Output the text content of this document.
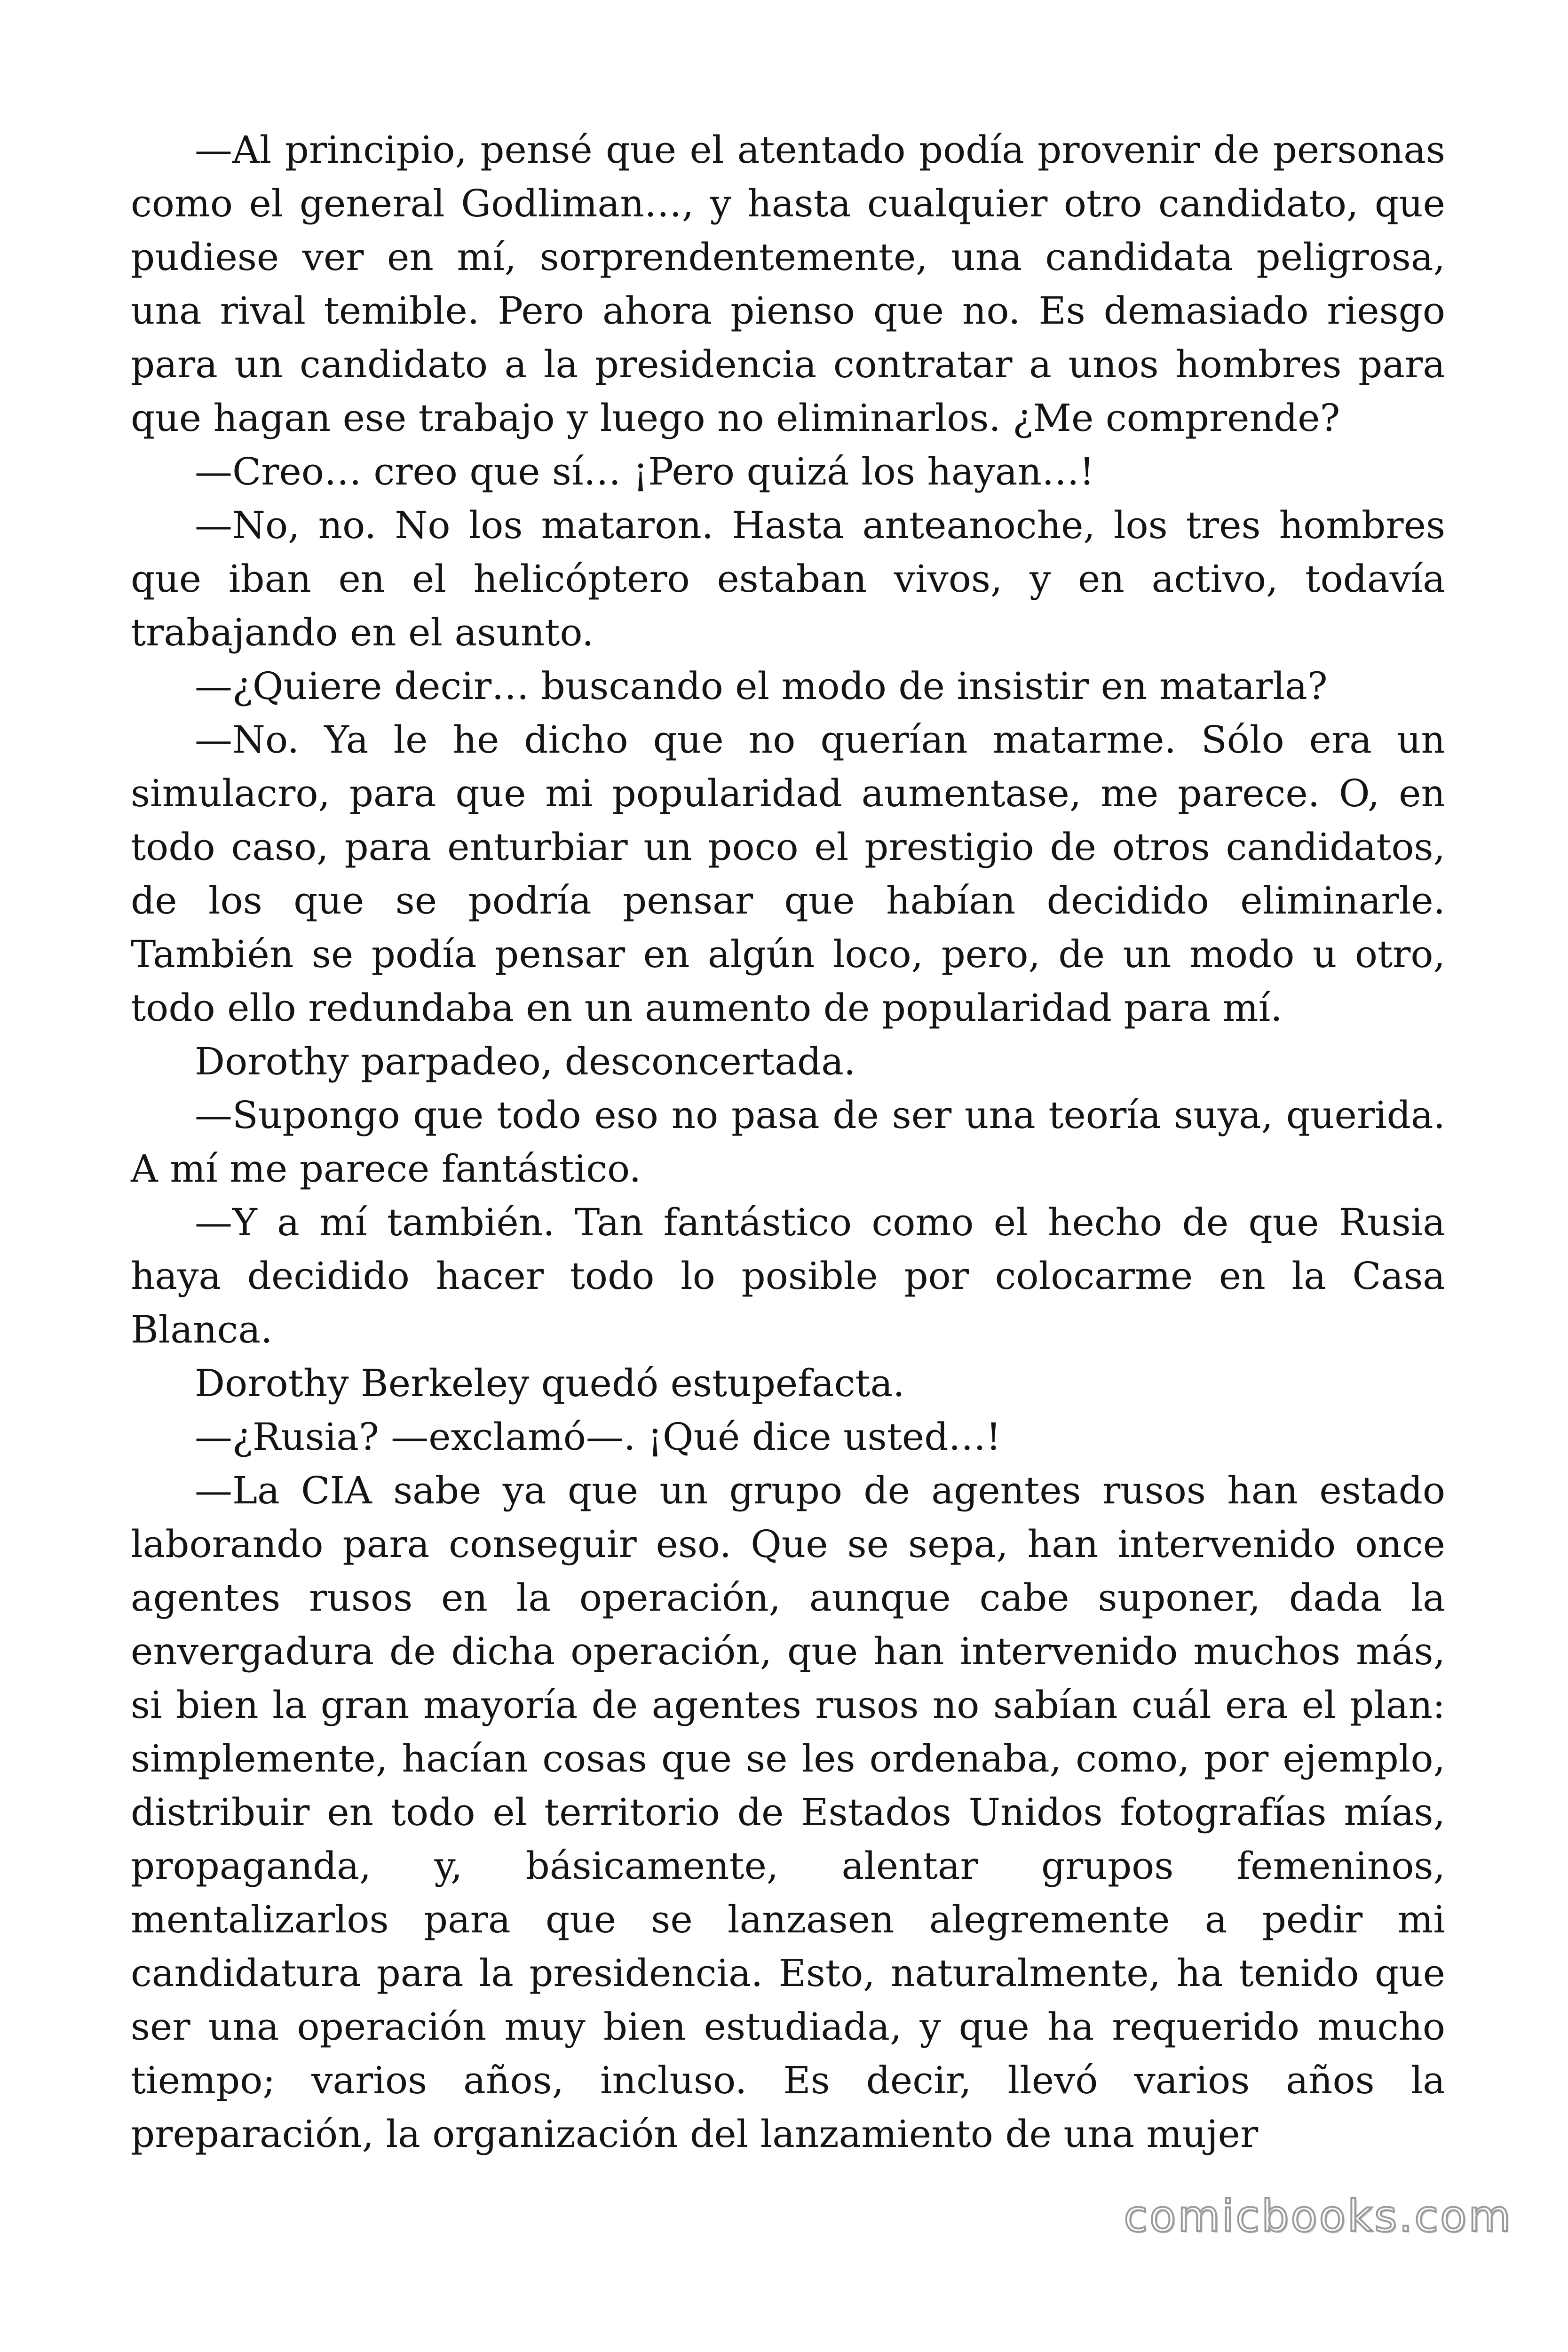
—Al principio, pensé que el atentado podía provenir de personas como el general Godliman…, y hasta cualquier otro candidato, que pudiese ver en mí, sorprendentemente, una candidata peligrosa, una rival temible. Pero ahora pienso que no. Es demasiado riesgo para un candidato a la presidencia contratar a unos hombres para que hagan ese trabajo y luego no eliminarlos. ¿Me comprende?

—Creo… creo que sí… ¡Pero quizá los hayan…!

—No, no. No los mataron. Hasta anteanoche, los tres hombres que iban en el helicóptero estaban vivos, y en activo, todavía trabajando en el asunto.

—¿Quiere decir… buscando el modo de insistir en matarla?

—No. Ya le he dicho que no querían matarme. Sólo era un simulacro, para que mi popularidad aumentase, me parece. O, en todo caso, para enturbiar un poco el prestigio de otros candidatos, de los que se podría pensar que habían decidido eliminarle. También se podía pensar en algún loco, pero, de un modo u otro, todo ello redundaba en un aumento de popularidad para mí.

Dorothy parpadeo, desconcertada.

—Supongo que todo eso no pasa de ser una teoría suya, querida. A mí me parece fantástico.

—Y a mí también. Tan fantástico como el hecho de que Rusia haya decidido hacer todo lo posible por colocarme en la Casa Blanca.

Dorothy Berkeley quedó estupefacta.

—¿Rusia? —exclamó—. ¡Qué dice usted…!

—La CIA sabe ya que un grupo de agentes rusos han estado laborando para conseguir eso. Que se sepa, han intervenido once agentes rusos en la operación, aunque cabe suponer, dada la envergadura de dicha operación, que han intervenido muchos más, si bien la gran mayoría de agentes rusos no sabían cuál era el plan: simplemente, hacían cosas que se les ordenaba, como, por ejemplo, distribuir en todo el territorio de Estados Unidos fotografías mías, propaganda, y, básicamente, alentar grupos femeninos, mentalizarlos para que se lanzasen alegremente a pedir mi candidatura para la presidencia. Esto, naturalmente, ha tenido que ser una operación muy bien estudiada, y que ha requerido mucho tiempo; varios años, incluso. Es decir, llevó varios años la preparación, la organización del lanzamiento de una mujer

comicbooks.com
